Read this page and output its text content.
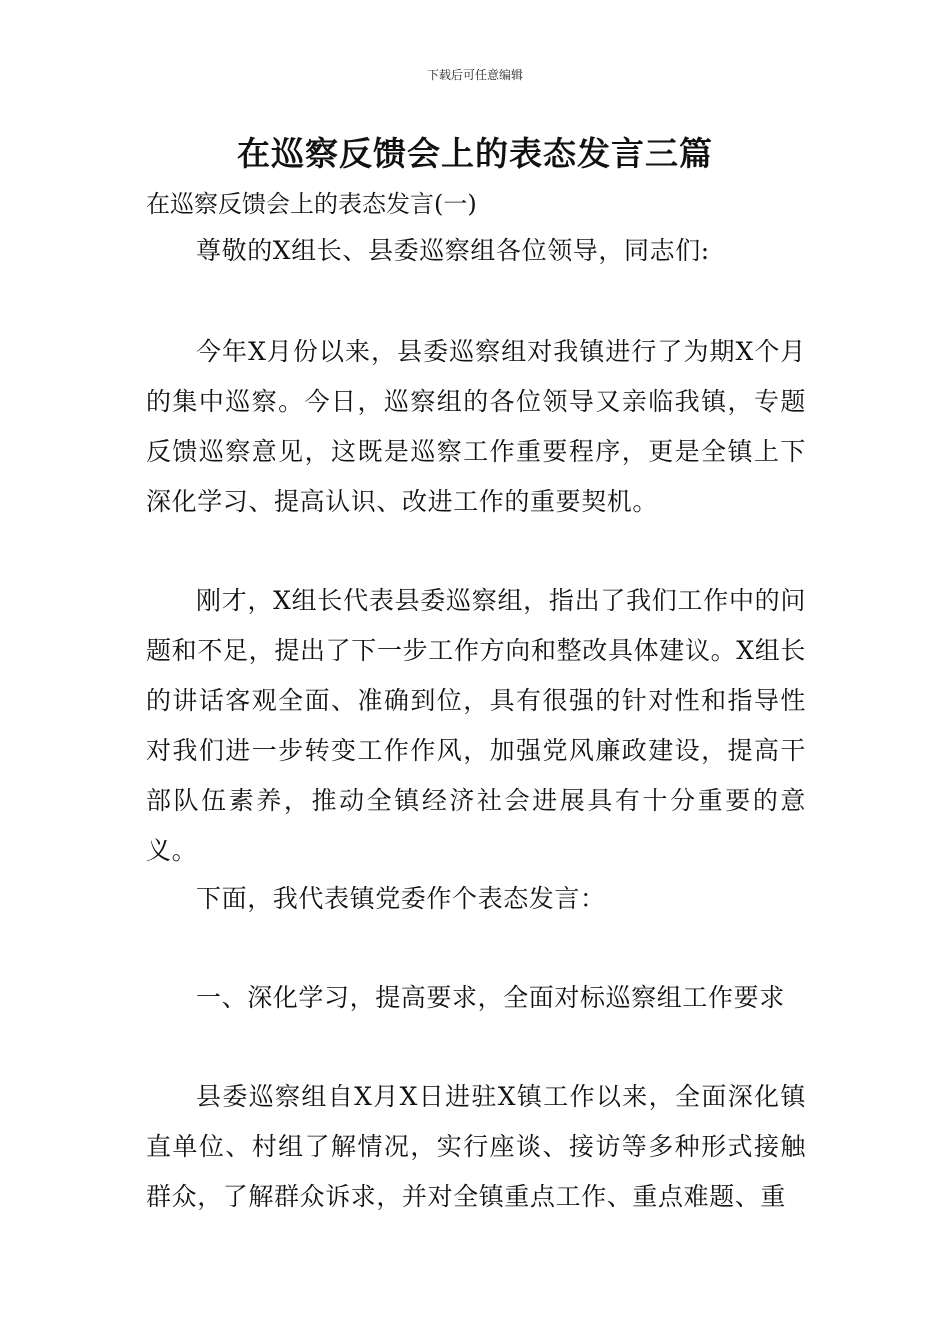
下载后可任意编辑
在巡察反馈会上的表态发言三篇
在巡察反馈会上的表态发言(一)
尊敬的X组长、县委巡察组各位领导，同志们:
今年X月份以来，县委巡察组对我镇进行了为期X个月的集中巡察。今日，巡察组的各位领导又亲临我镇，专题反馈巡察意见，这既是巡察工作重要程序，更是全镇上下深化学习、提高认识、改进工作的重要契机。
刚才，X组长代表县委巡察组，指出了我们工作中的问题和不足，提出了下一步工作方向和整改具体建议。X组长的讲话客观全面、准确到位，具有很强的针对性和指导性对我们进一步转变工作作风，加强党风廉政建设，提高干部队伍素养，推动全镇经济社会进展具有十分重要的意义。
下面，我代表镇党委作个表态发言：
一、深化学习，提高要求，全面对标巡察组工作要求
县委巡察组自X月X日进驻X镇工作以来，全面深化镇直单位、村组了解情况，实行座谈、接访等多种形式接触群众，了解群众诉求，并对全镇重点工作、重点难题、重
